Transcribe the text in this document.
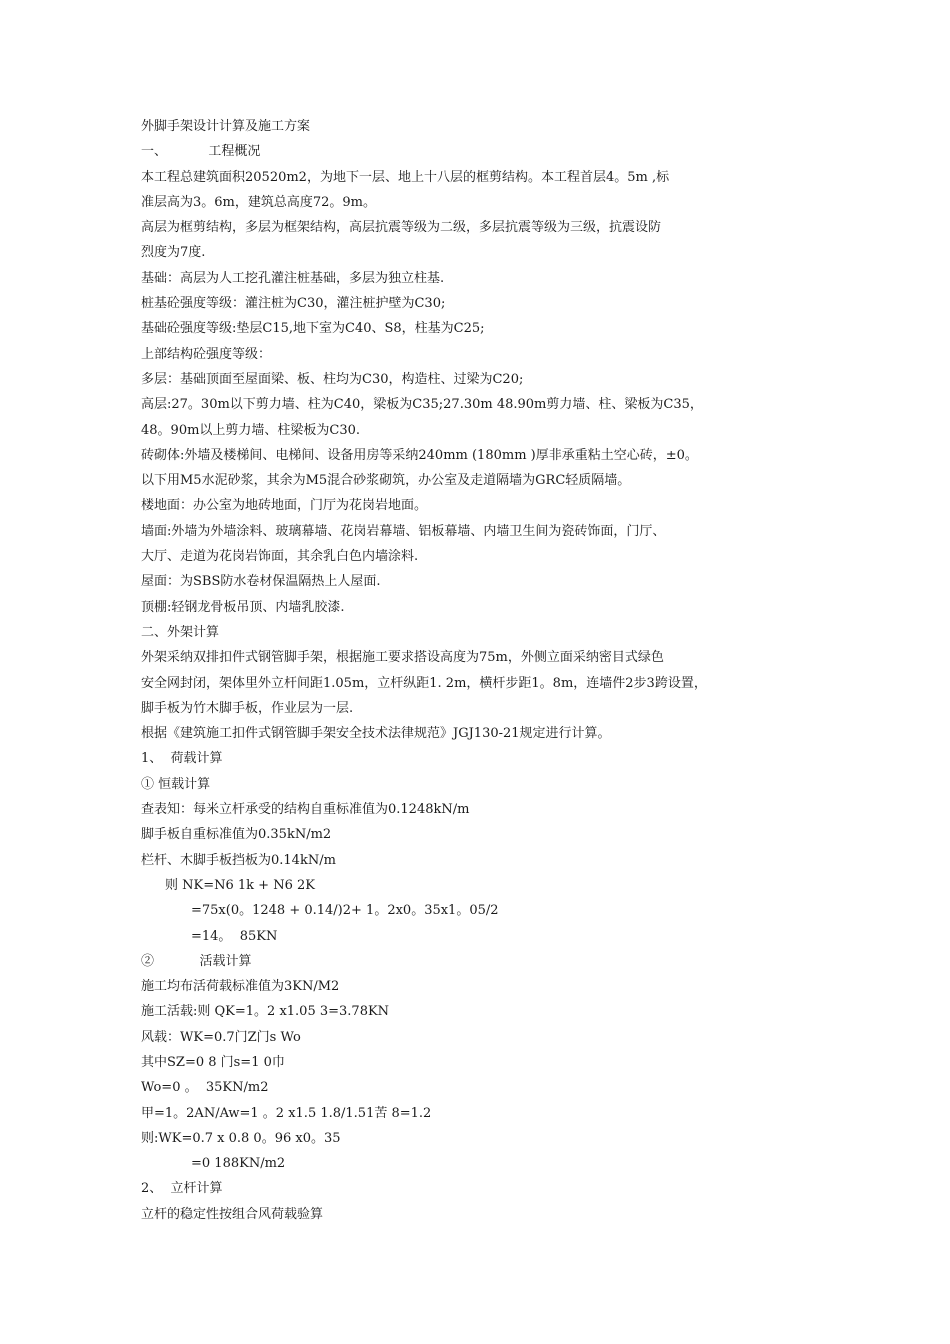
外脚手架设计计算及施工方案
一、          工程概况
本工程总建筑面积20520m2，为地下一层、地上十八层的框剪结构。本工程首层4。5m ,标
准层高为3。6m，建筑总高度72。9m。
高层为框剪结构，多层为框架结构，高层抗震等级为二级，多层抗震等级为三级，抗震设防
烈度为7度.
基础：高层为人工挖孔灌注桩基础，多层为独立柱基.
桩基砼强度等级：灌注桩为C30，灌注桩护壁为C30;
基础砼强度等级:垫层C15,地下室为C40、S8，柱基为C25;
上部结构砼强度等级：
多层：基础顶面至屋面梁、板、柱均为C30，构造柱、过梁为C20;
高层:27。30m以下剪力墙、柱为C40，梁板为C35;27.30m 48.90m剪力墙、柱、梁板为C35，
48。90m以上剪力墙、柱梁板为C30.
砖砌体:外墙及楼梯间、电梯间、设备用房等采纳240mm (180mm )厚非承重粘土空心砖，±0。
以下用M5水泥砂浆，其余为M5混合砂浆砌筑，办公室及走道隔墙为GRC轻质隔墙。
楼地面：办公室为地砖地面，门厅为花岗岩地面。
墙面:外墙为外墙涂料、玻璃幕墙、花岗岩幕墙、铝板幕墙、内墙卫生间为瓷砖饰面，门厅、
大厅、走道为花岗岩饰面，其余乳白色内墙涂料.
屋面：为SBS防水卷材保温隔热上人屋面.
顶棚:轻钢龙骨板吊顶、内墙乳胶漆.
二、外架计算
外架采纳双排扣件式钢管脚手架，根据施工要求搭设高度为75m，外侧立面采纳密目式绿色
安全网封闭，架体里外立杆间距1.05m，立杆纵距1. 2m，横杆步距1。8m，连墙件2步3跨设置，
脚手板为竹木脚手板，作业层为一层.
根据《建筑施工扣件式钢管脚手架安全技术法律规范》JGJ130-21规定进行计算。
1、  荷载计算
① 恒载计算
查表知：每米立杆承受的结构自重标准值为0.1248kN/m
脚手板自重标准值为0.35kN/m2
栏杆、木脚手板挡板为0.14kN/m
则 NK=N6 1k + N6 2K
=75x(0。1248 + 0.14/)2+ 1。2x0。35x1。05/2
=14。  85KN
②           活载计算
施工均布活荷载标准值为3KN/M2
施工活载:则 QK=1。2 x1.05 3=3.78KN
风载：WK=0.7门Z门s Wo
其中SZ=0 8 门s=1 0巾
Wo=0 。  35KN/m2
甲=1。2AN/Aw=1 。2 x1.5 1.8/1.51苦 8=1.2
则:WK=0.7 x 0.8 0。96 x0。35
=0 188KN/m2
2、  立杆计算
立杆的稳定性按组合风荷载验算
